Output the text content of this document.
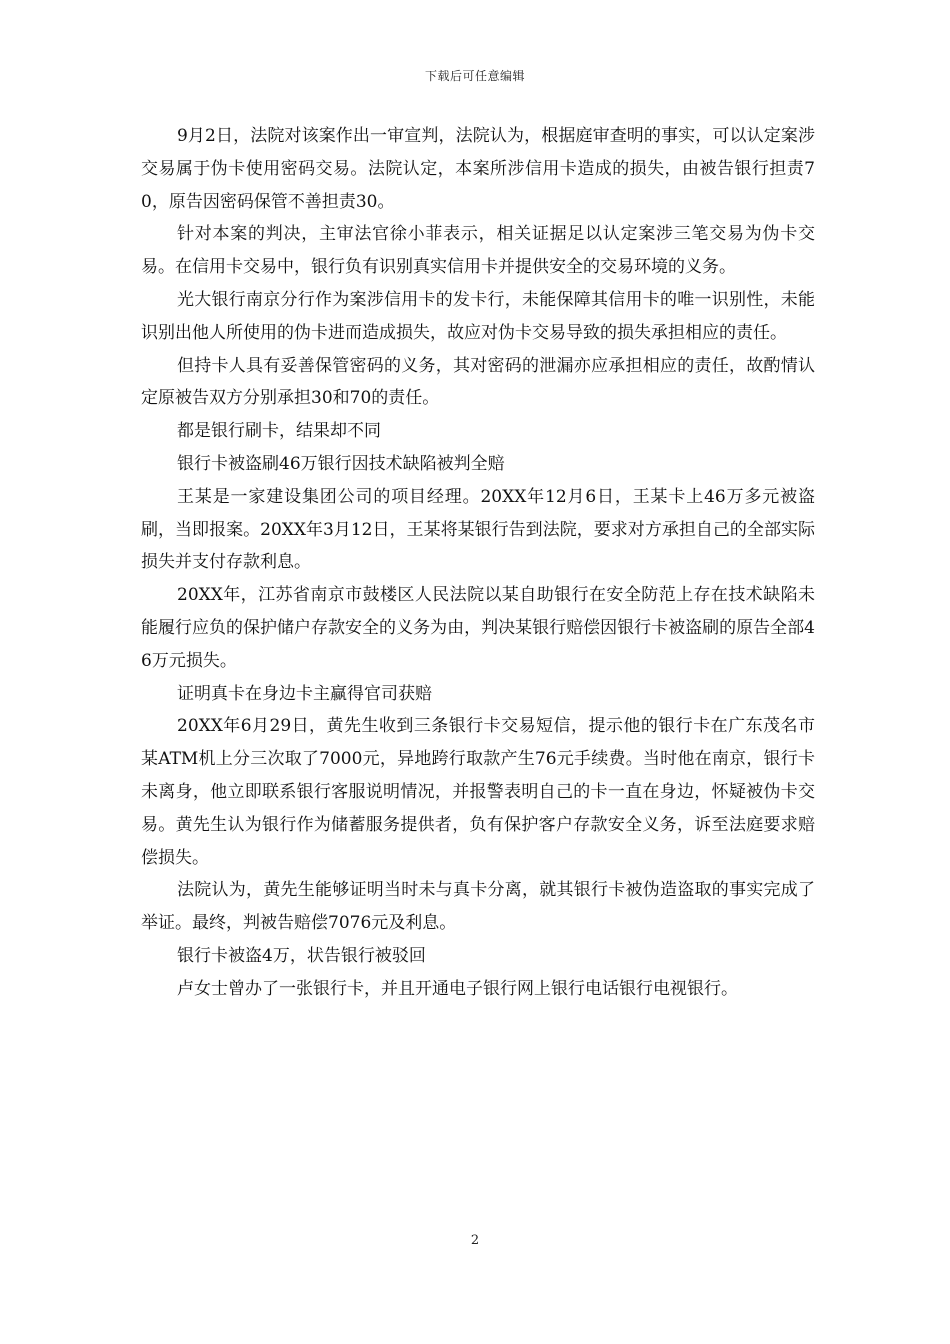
下载后可任意编辑

9月2日，法院对该案作出一审宣判，法院认为，根据庭审查明的事实，可以认定案涉交易属于伪卡使用密码交易。法院认定，本案所涉信用卡造成的损失，由被告银行担责70，原告因密码保管不善担责30。

针对本案的判决，主审法官徐小菲表示，相关证据足以认定案涉三笔交易为伪卡交易。在信用卡交易中，银行负有识别真实信用卡并提供安全的交易环境的义务。

光大银行南京分行作为案涉信用卡的发卡行，未能保障其信用卡的唯一识别性，未能识别出他人所使用的伪卡进而造成损失，故应对伪卡交易导致的损失承担相应的责任。

但持卡人具有妥善保管密码的义务，其对密码的泄漏亦应承担相应的责任，故酌情认定原被告双方分别承担30和70的责任。

都是银行刷卡，结果却不同

银行卡被盗刷46万银行因技术缺陷被判全赔

王某是一家建设集团公司的项目经理。20XX年12月6日，王某卡上46万多元被盗刷，当即报案。20XX年3月12日，王某将某银行告到法院，要求对方承担自己的全部实际损失并支付存款利息。

20XX年，江苏省南京市鼓楼区人民法院以某自助银行在安全防范上存在技术缺陷未能履行应负的保护储户存款安全的义务为由，判决某银行赔偿因银行卡被盗刷的原告全部46万元损失。

证明真卡在身边卡主赢得官司获赔

20XX年6月29日，黄先生收到三条银行卡交易短信，提示他的银行卡在广东茂名市某ATM机上分三次取了7000元，异地跨行取款产生76元手续费。当时他在南京，银行卡未离身，他立即联系银行客服说明情况，并报警表明自己的卡一直在身边，怀疑被伪卡交易。黄先生认为银行作为储蓄服务提供者，负有保护客户存款安全义务，诉至法庭要求赔偿损失。

法院认为，黄先生能够证明当时未与真卡分离，就其银行卡被伪造盗取的事实完成了举证。最终，判被告赔偿7076元及利息。

银行卡被盗4万，状告银行被驳回

卢女士曾办了一张银行卡，并且开通电子银行网上银行电话银行电视银行。

2
